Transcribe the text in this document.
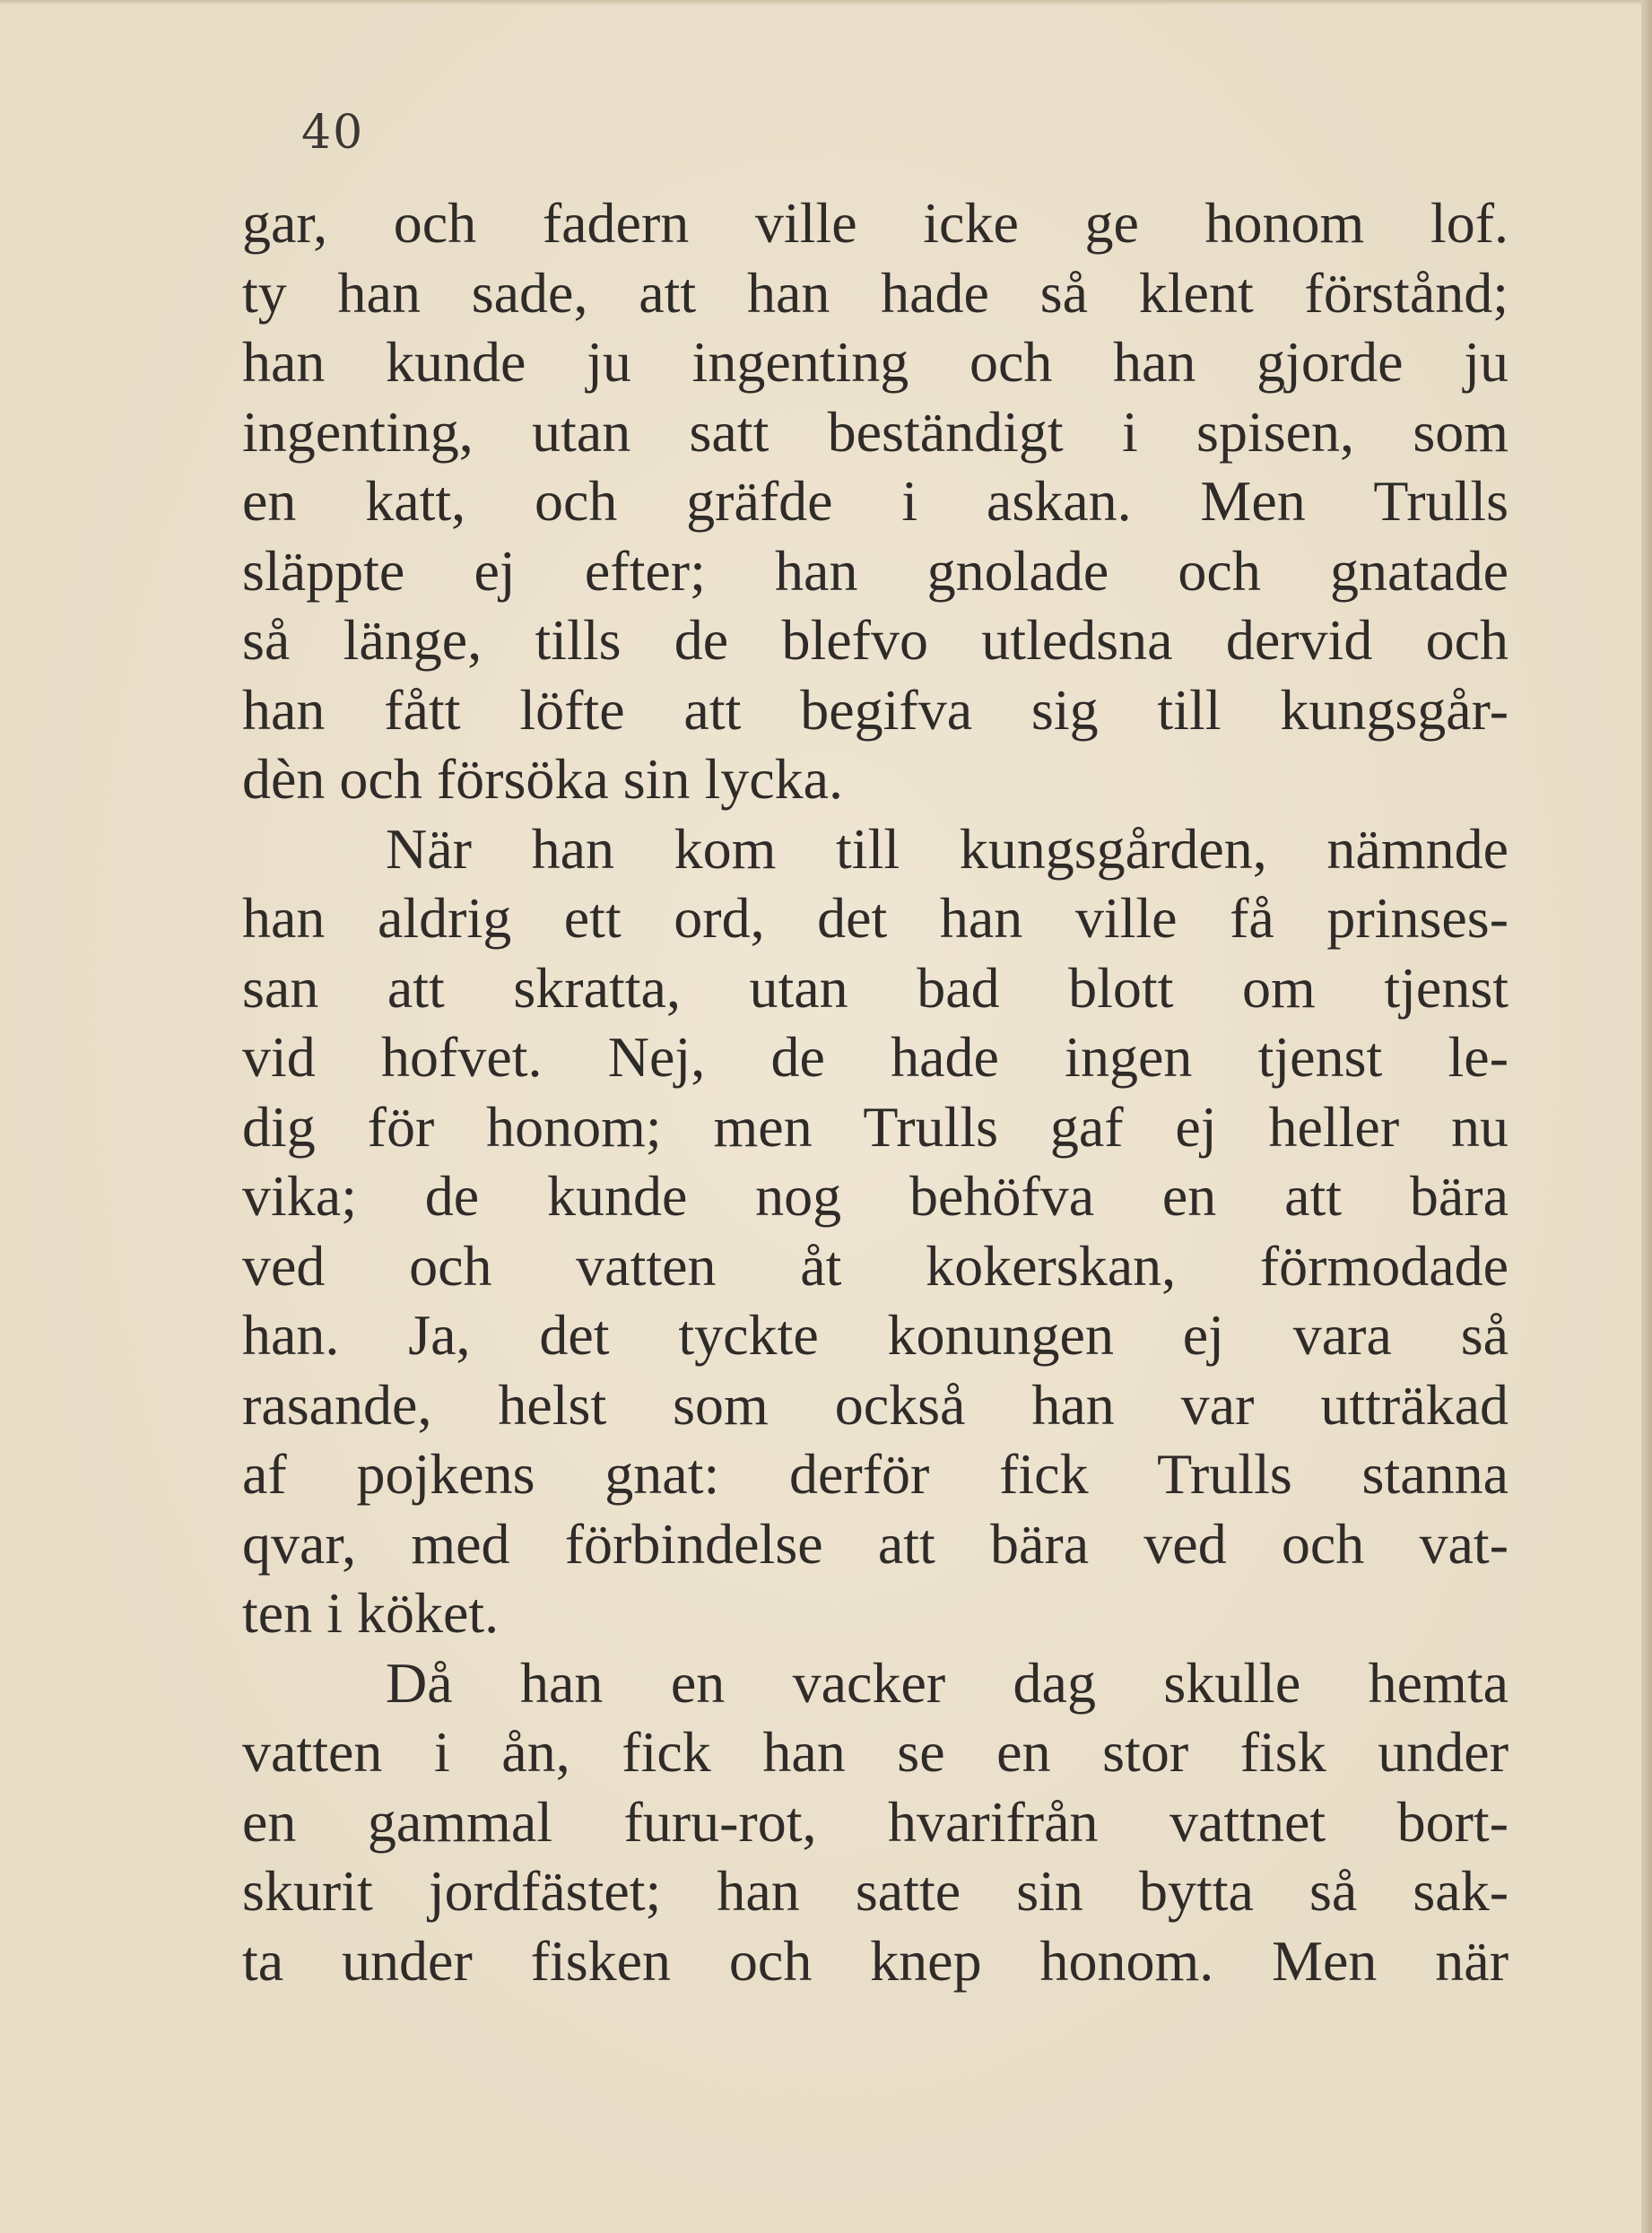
40
gar, och fadern ville icke ge honom lof.
ty han sade, att han hade så klent förstånd;
han kunde ju ingenting och han gjorde ju
ingenting, utan satt beständigt i spisen, som
en katt, och gräfde i askan. Men Trulls
släppte ej efter; han gnolade och gnatade
så länge, tills de blefvo utledsna dervid och
han fått löfte att begifva sig till kungsgår-
dèn och försöka sin lycka.
När han kom till kungsgården, nämnde
han aldrig ett ord, det han ville få prinses-
san att skratta, utan bad blott om tjenst
vid hofvet. Nej, de hade ingen tjenst le-
dig för honom; men Trulls gaf ej heller nu
vika; de kunde nog behöfva en att bära
ved och vatten åt kokerskan, förmodade
han. Ja, det tyckte konungen ej vara så
rasande, helst som också han var utträkad
af pojkens gnat: derför fick Trulls stanna
qvar, med förbindelse att bära ved och vat-
ten i köket.
Då han en vacker dag skulle hemta
vatten i ån, fick han se en stor fisk under
en gammal furu-rot, hvarifrån vattnet bort-
skurit jordfästet; han satte sin bytta så sak-
ta under fisken och knep honom. Men när
